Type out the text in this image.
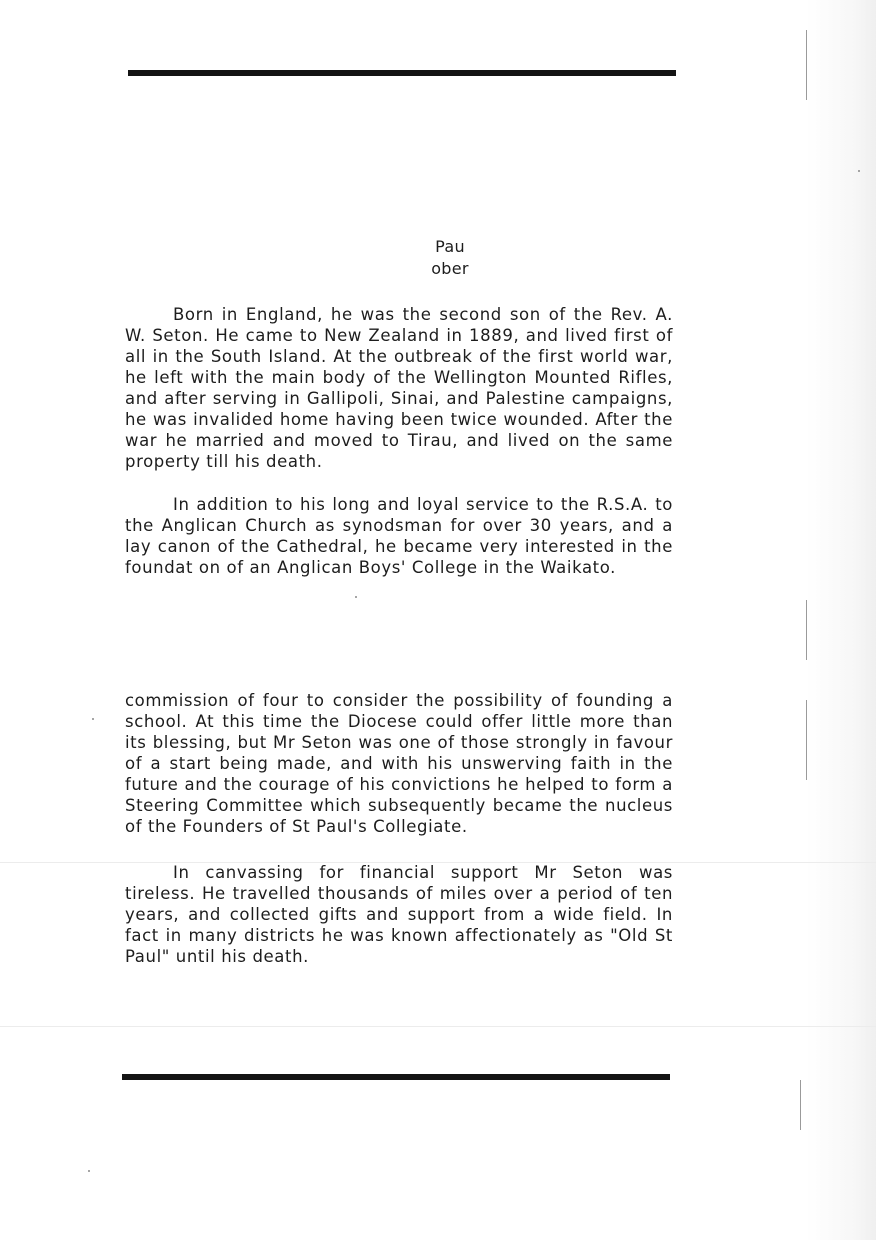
Pau
ober

Born in England, he was the second son of the Rev. A. W. Seton. He came to New Zealand in 1889, and lived first of all in the South Island. At the outbreak of the first world war, he left with the main body of the Wellington Mounted Rifles, and after serving in Gallipoli, Sinai, and Palestine campaigns, he was invalided home having been twice wounded. After the war he married and moved to Tirau, and lived on the same property till his death.

In addition to his long and loyal service to the R.S.A. to the Anglican Church as synodsman for over 30 years, and a lay canon of the Cathedral, he became very interested in the foundat on of an Anglican Boys' College in the Waikato.

commission of four to consider the possibility of founding a school. At this time the Diocese could offer little more than its blessing, but Mr Seton was one of those strongly in favour of a start being made, and with his unswerving faith in the future and the courage of his convictions he helped to form a Steering Committee which subsequently became the nucleus of the Founders of St Paul's Collegiate.

In canvassing for financial support Mr Seton was tireless. He travelled thousands of miles over a period of ten years, and collected gifts and support from a wide field. In fact in many districts he was known affectionately as "Old St Paul" until his death.
